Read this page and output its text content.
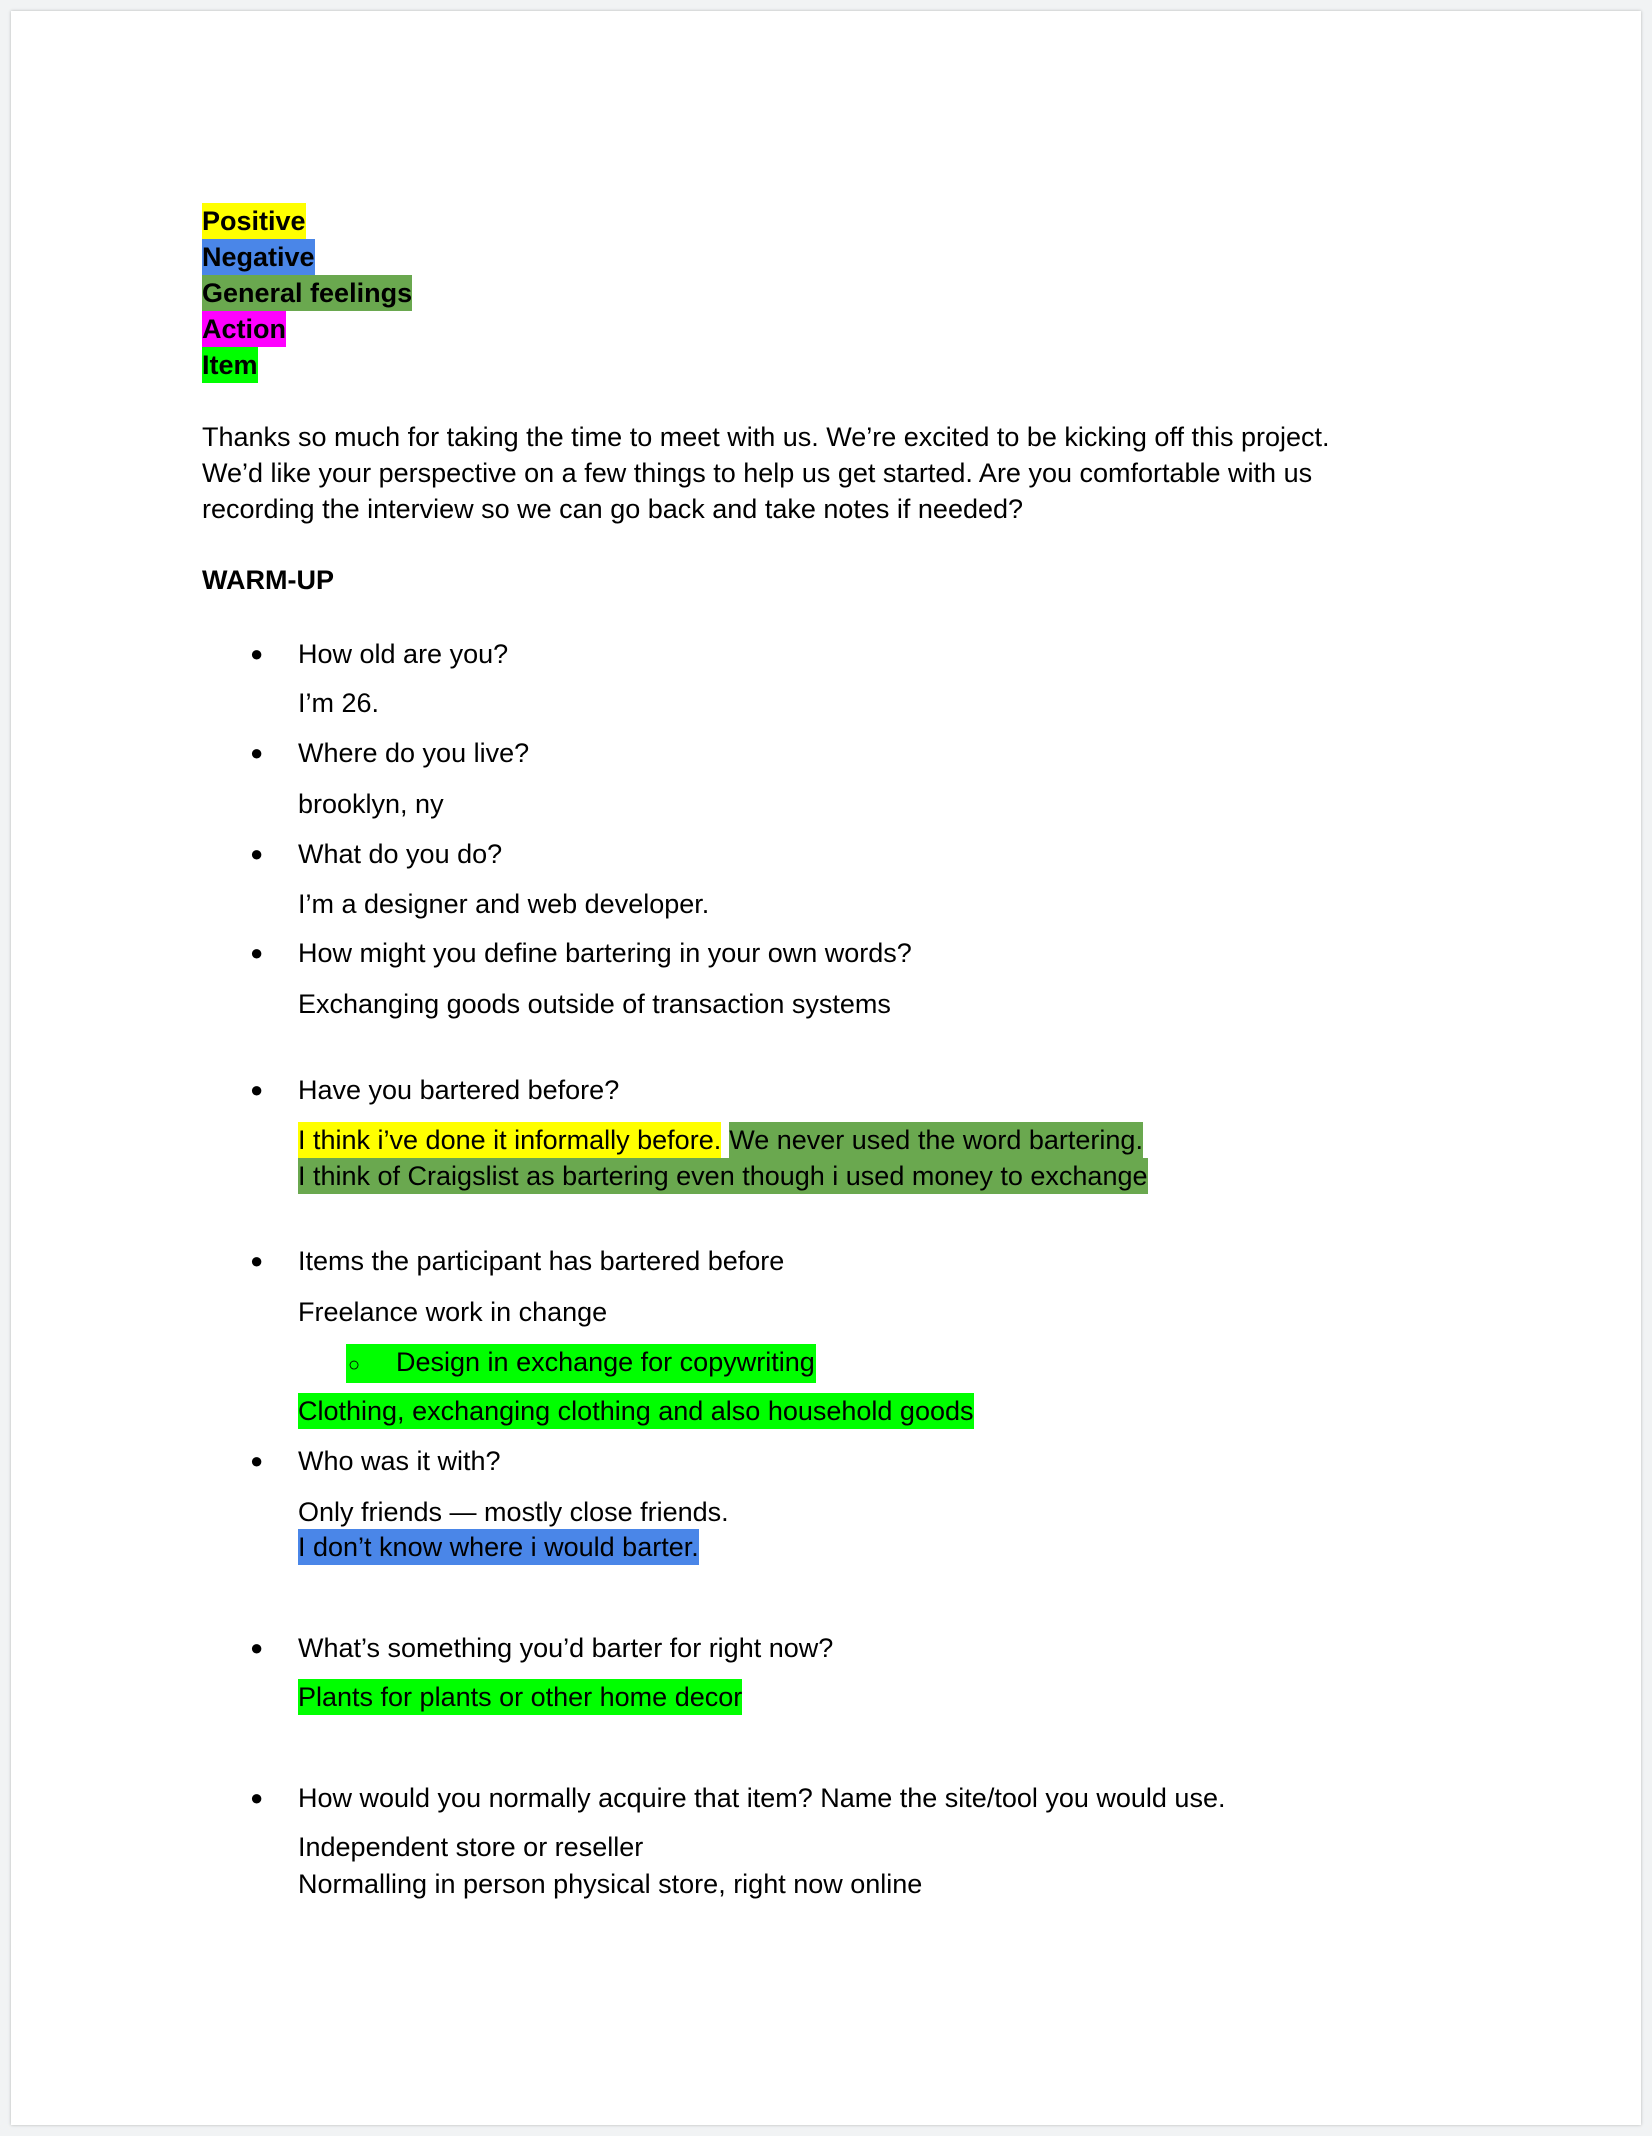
Positive
Negative
General feelings
Action
Item
Thanks so much for taking the time to meet with us. We’re excited to be kicking off this project.
We’d like your perspective on a few things to help us get started. Are you comfortable with us
recording the interview so we can go back and take notes if needed?
WARM-UP
● How old are you?
I’m 26.
● Where do you live?
brooklyn, ny
● What do you do?
I’m a designer and web developer.
● How might you define bartering in your own words?
Exchanging goods outside of transaction systems
● Have you bartered before?
I think i’ve done it informally before. We never used the word bartering.
I think of Craigslist as bartering even though i used money to exchange
● Items the participant has bartered before
Freelance work in change
○ Design in exchange for copywriting
Clothing, exchanging clothing and also household goods
● Who was it with?
Only friends — mostly close friends.
I don’t know where i would barter.
● What’s something you’d barter for right now?
Plants for plants or other home decor
● How would you normally acquire that item? Name the site/tool you would use.
Independent store or reseller
Normalling in person physical store, right now online
